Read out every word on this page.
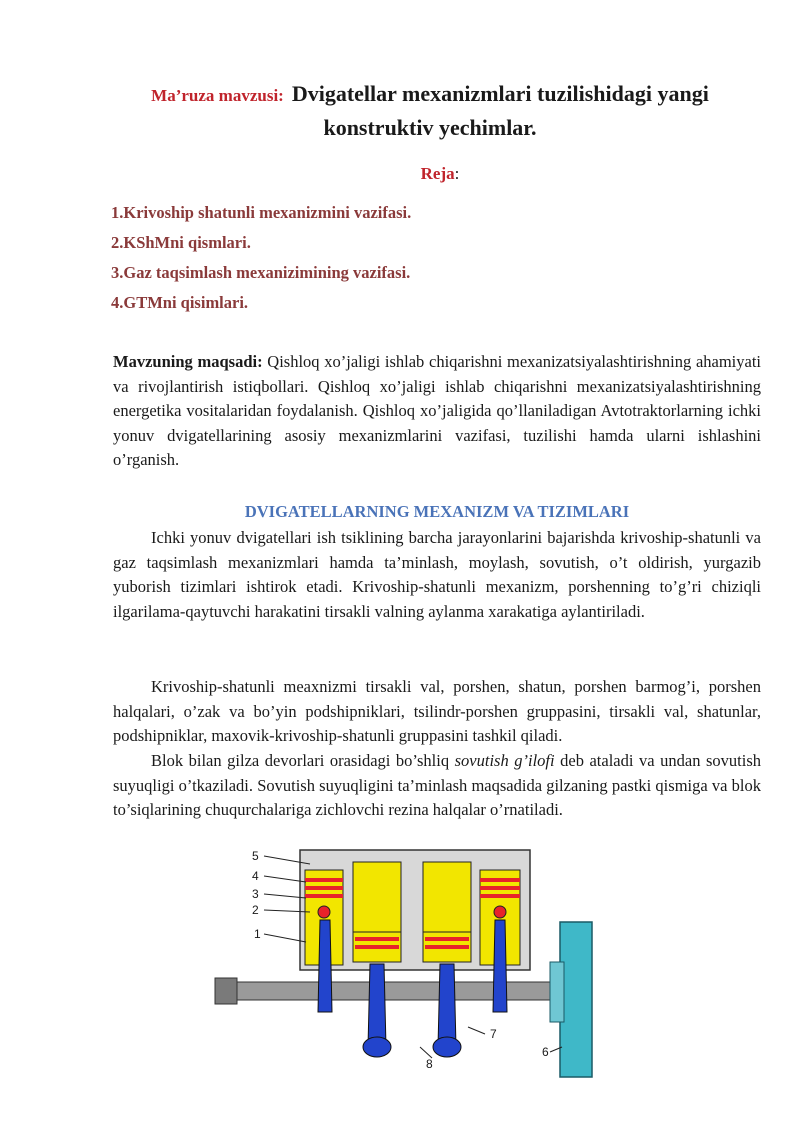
Ma’ruza mavzusi: Dvigatellar mexanizmlari tuzilishidagi yangi
konstruktiv yechimlar.
Reja:
1.Krivoship shatunli mexanizmini vazifasi.
2.KShMni qismlari.
3.Gaz taqsimlash mexanizimining vazifasi.
4.GTMni qisimlari.

Mavzuning maqsadi: Qishloq xo’jaligi ishlab chiqarishni mexanizatsiyalashtirishning ahamiyati va rivojlantirish istiqbollari. Qishloq xo’jaligi ishlab chiqarishni mexanizatsiyalashtirishning energetika vositalaridan foydalanish. Qishloq xo’jaligida qo’llaniladigan Avtotraktorlarning ichki yonuv dvigatellarining asosiy mexanizmlarini vazifasi, tuzilishi hamda ularni ishlashini o’rganish.

DVIGATELLARNING MEXANIZM VA TIZIMLARI

Ichki yonuv dvigatellari ish tsiklining barcha jarayonlarini bajarishda krivoship-shatunli va gaz taqsimlash mexanizmlari hamda ta’minlash, moylash, sovutish, o’t oldirish, yurgazib yuborish tizimlari ishtirok etadi. Krivoship-shatunli mexanizm, porshenning to’g’ri chiziqli ilgarilama-qaytuvchi harakatini tirsakli valning aylanma xarakatiga aylantiriladi.

Krivoship-shatunli meaxnizmi tirsakli val, porshen, shatun, porshen barmog’i, porshen halqalari, o’zak va bo’yin podshipniklari, tsilindr-porshen gruppasini, tirsakli val, shatunlar, podshipniklar, maxovik-krivoship-shatunli gruppasini tashkil qiladi.

Blok bilan gilza devorlari orasidagi bo’shliq sovutish g’ilofi deb ataladi va undan sovutish suyuqligi o’tkaziladi. Sovutish suyuqligini ta’minlash maqsadida gilzaning pastki qismiga va blok to’siqlarining chuqurchalariga zichlovchi rezina halqalar o’rnatiladi.

5
4
3
2
1
7
6
8
